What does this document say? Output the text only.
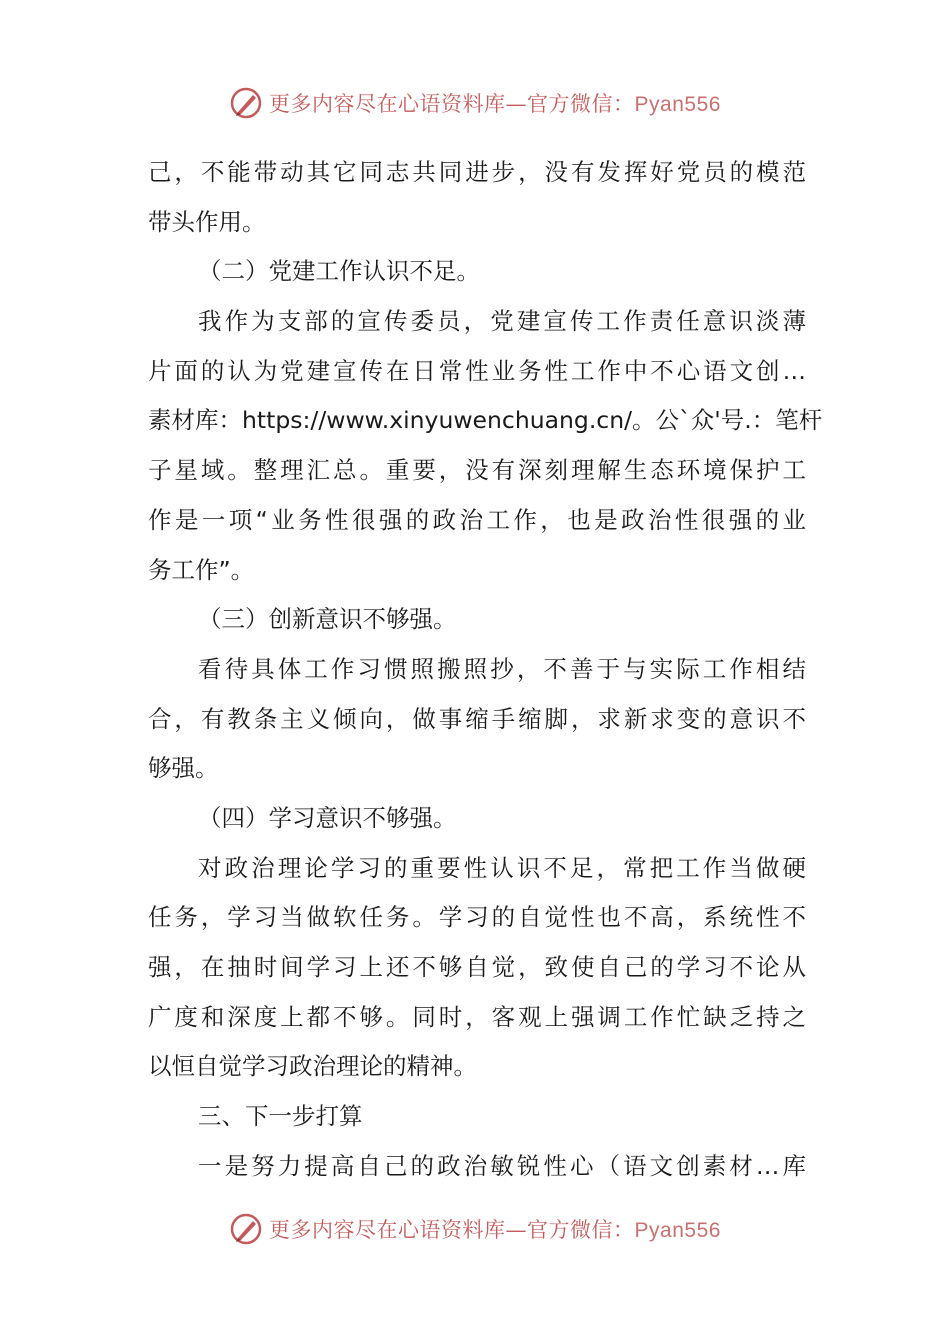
更多内容尽在心语资料库—官方微信：Pyan556
己，不能带动其它同志共同进步，没有发挥好党员的模范
带头作用。
（二）党建工作认识不足。
我作为支部的宣传委员，党建宣传工作责任意识淡薄
片面的认为党建宣传在日常性业务性工作中不心语文创…
素材库：https://www.xinyuwenchuang.cn/。公`众'号.：笔杆
子星域。整理汇总。重要，没有深刻理解生态环境保护工
作是一项“业务性很强的政治工作，也是政治性很强的业
务工作”。
（三）创新意识不够强。
看待具体工作习惯照搬照抄，不善于与实际工作相结
合，有教条主义倾向，做事缩手缩脚，求新求变的意识不
够强。
（四）学习意识不够强。
对政治理论学习的重要性认识不足，常把工作当做硬
任务，学习当做软任务。学习的自觉性也不高，系统性不
强，在抽时间学习上还不够自觉，致使自己的学习不论从
广度和深度上都不够。同时，客观上强调工作忙缺乏持之
以恒自觉学习政治理论的精神。
三、下一步打算
一是努力提高自己的政治敏锐性心（语文创素材…库
更多内容尽在心语资料库—官方微信：Pyan556
